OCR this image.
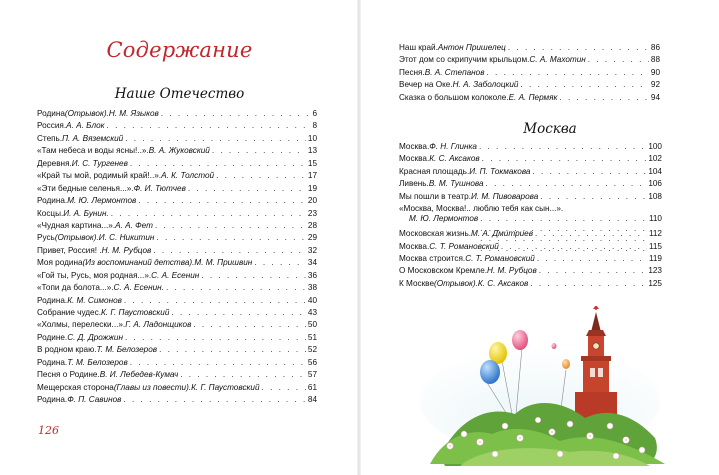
Содержание
Наше Отечество
Родина (Отрывок). Н. М. Языков . . .	6
Россия. А. А. Блок . . .	8
Степь. П. А. Вяземский . . .	10
«Там небеса и воды ясны!..». В. А. Жуковский . . .	13
Деревня. И. С. Тургенев . . .	15
«Край ты мой, родимый край!..». А. К. Толстой . . .	17
«Эти бедные селенья...». Ф. И. Тютчев . . .	19
Родина. М. Ю. Лермонтов . . .	20
Косцы. И. А. Бунин. . . .	23
«Чудная картина...». А. А. Фет . . .	28
Русь (Отрывок). И. С. Никитин . . .	29
Привет, Россия! . Н. М. Рубцов . . .	32
Моя родина (Из воспоминаний детства). М. М. Пришвин . . .	34
«Гой ты, Русь, моя родная...». С. А. Есенин . . .	36
«Топи да болота...». С. А. Есенин. . . .	38
Родина. К. М. Симонов . . .	40
Собрание чудес. К. Г. Паустовский . . .	43
«Холмы, перелески...». Г. А. Ладонщиков . . .	50
Родине. С. Д. Дрожжин . . .	51
В родном краю. Т. М. Белозеров . . .	52
Родина. Т. М. Белозеров . . .	56
Песня о Родине. В. И. Лебедев-Кумач . . .	57
Мещерская сторона (Главы из повести). К. Г. Паустовский . . .	61
Родина. Ф. П. Савинов . . .	84
126
Наш край. Антон Пришелец . . .	86
Этот дом со скрипучим крыльцом. С. А. Махотин . . .	88
Песня. В. А. Степанов . . .	90
Вечер на Оке. Н. А. Заболоцкий . . .	92
Сказка о большом колоколе. Е. А. Пермяк . . .	94
Москва
Москва. Ф. Н. Глинка . . .	100
Москва. К. С. Аксаков . . .	102
Красная площадь. И. П. Токмакова . . .	104
Ливень. В. М. Тушнова . . .	106
Мы пошли в театр. И. М. Пивоварова . . .	108
«Москва, Москва!.. люблю тебя как сын...».
М. Ю. Лермонтов . . .	110
Московская жизнь. М. А. Дмитриев . . .	112
Москва. С. Т. Романовский . . .	115
Москва строится. С. Т. Романовский . . .	119
О Московском Кремле. Н. М. Рубцов . . .	123
К Москве (Отрывок). К. С. Аксаков . . .	125
